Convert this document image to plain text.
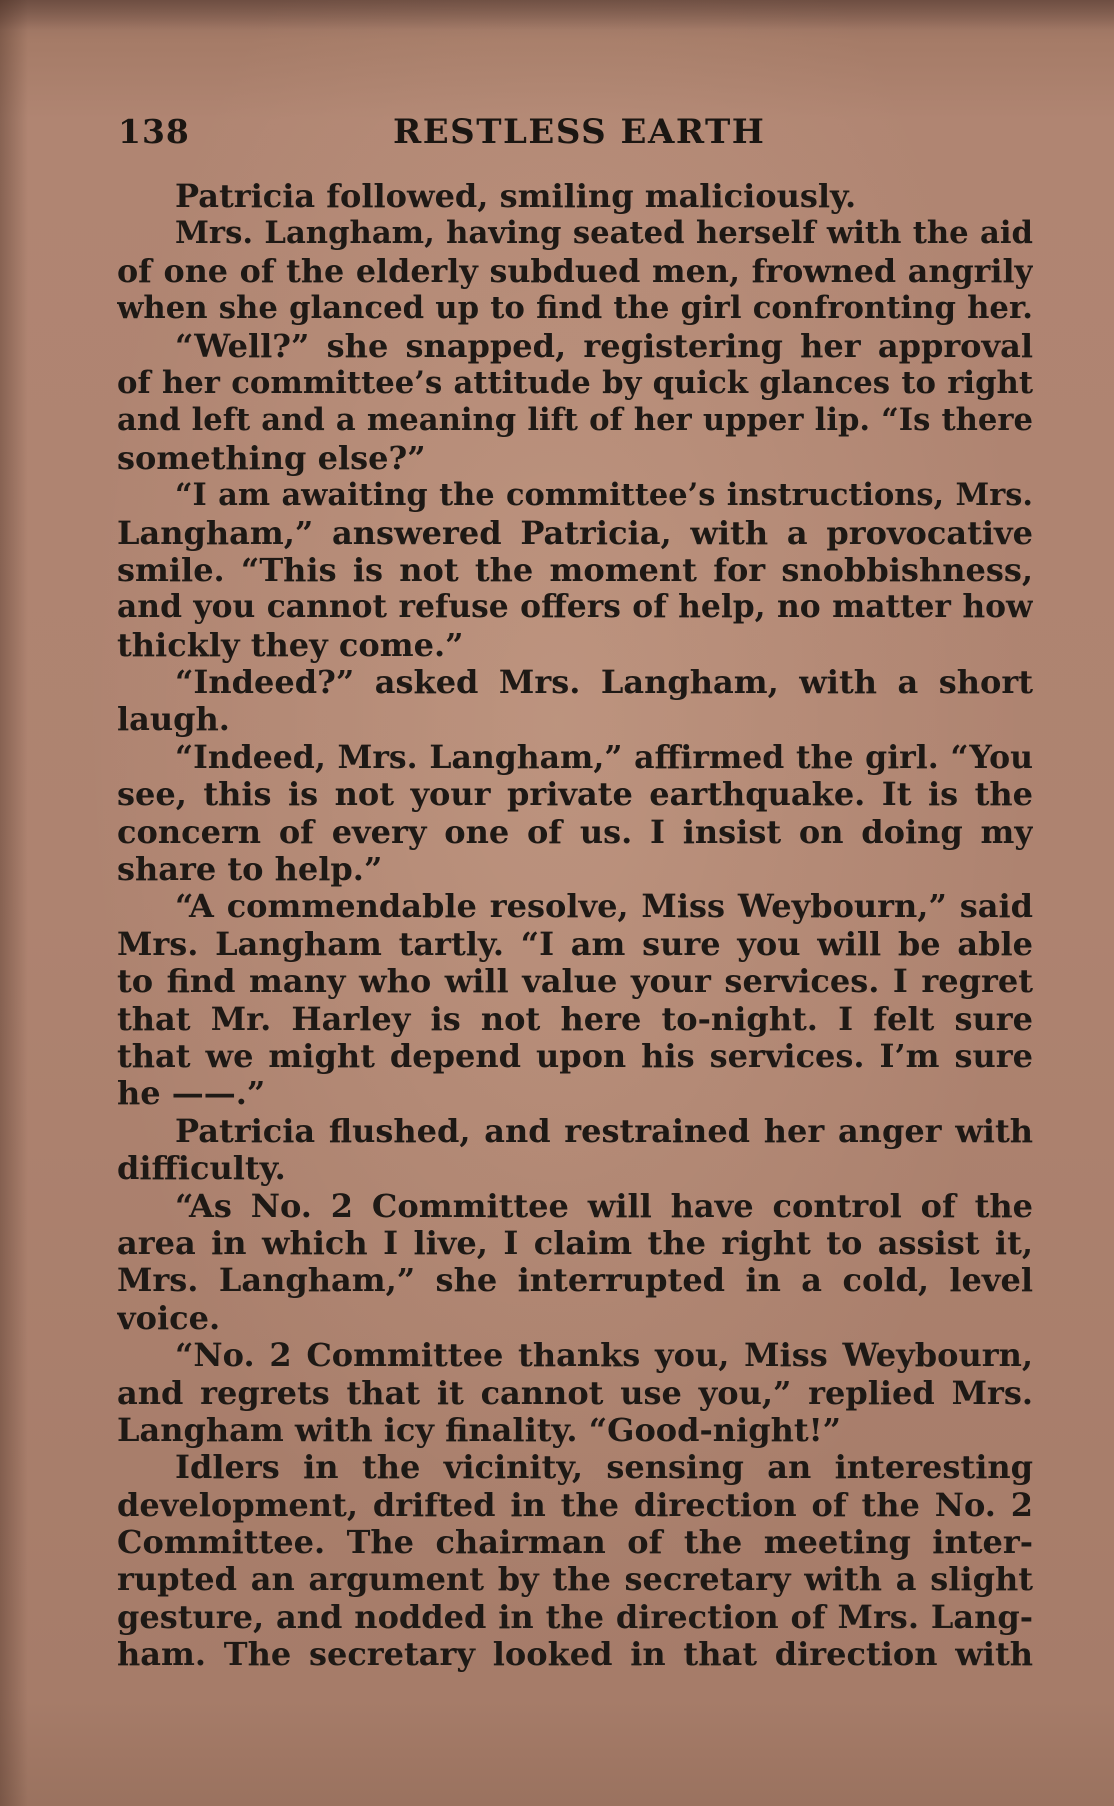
138	RESTLESS EARTH
Patricia followed, smiling maliciously.
Mrs. Langham, having seated herself with the aid
of one of the elderly subdued men, frowned angrily
when she glanced up to find the girl confronting her.
“Well?” she snapped, registering her approval
of her committee’s attitude by quick glances to right
and left and a meaning lift of her upper lip. “Is there
something else?”
“I am awaiting the committee’s instructions, Mrs.
Langham,” answered Patricia, with a provocative
smile. “This is not the moment for snobbishness,
and you cannot refuse offers of help, no matter how
thickly they come.”
“Indeed?” asked Mrs. Langham, with a short
laugh.
“Indeed, Mrs. Langham,” affirmed the girl. “You
see, this is not your private earthquake. It is the
concern of every one of us. I insist on doing my
share to help.”
“A commendable resolve, Miss Weybourn,” said
Mrs. Langham tartly. “I am sure you will be able
to find many who will value your services. I regret
that Mr. Harley is not here to-night. I felt sure
that we might depend upon his services. I’m sure
he ——.”
Patricia flushed, and restrained her anger with
difficulty.
“As No. 2 Committee will have control of the
area in which I live, I claim the right to assist it,
Mrs. Langham,” she interrupted in a cold, level
voice.
“No. 2 Committee thanks you, Miss Weybourn,
and regrets that it cannot use you,” replied Mrs.
Langham with icy finality. “Good-night!”
Idlers in the vicinity, sensing an interesting
development, drifted in the direction of the No. 2
Committee. The chairman of the meeting inter-
rupted an argument by the secretary with a slight
gesture, and nodded in the direction of Mrs. Lang-
ham. The secretary looked in that direction with
